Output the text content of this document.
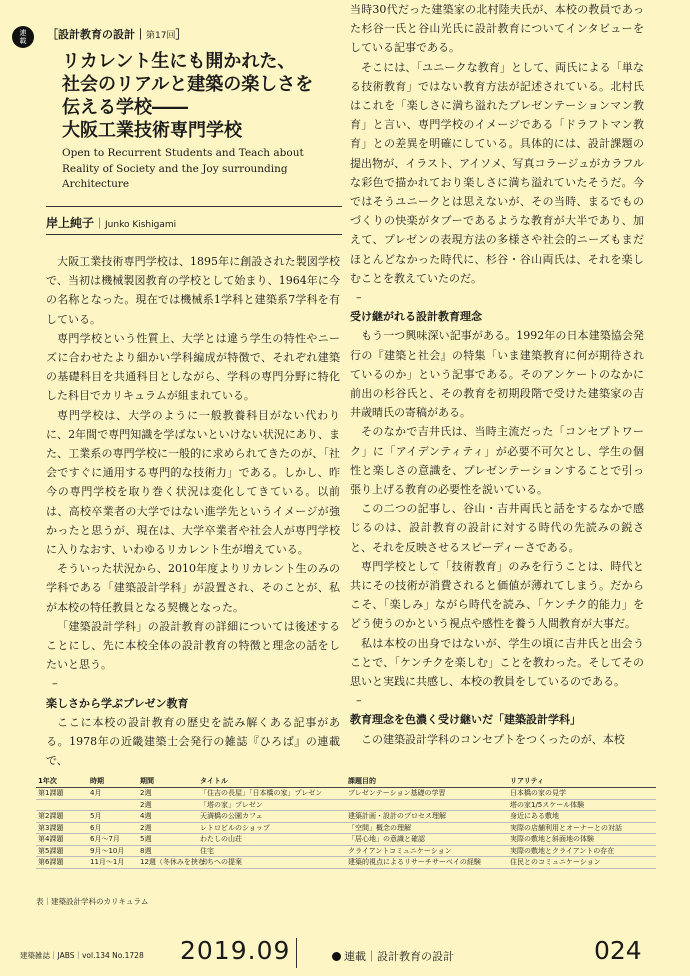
連
載 ［設計教育の設計｜第17回］

リカレント生にも開かれた、

社会のリアルと建築の楽しさを

伝える学校――

大阪工業技術専門学校

Open to Recurrent Students and Teach about Reality of Society and the Joy surrounding Architecture
岸上純子｜Junko Kishigami

大阪工業技術専門学校は、1895年に創設された製図学校で、当初は機械製図教育の学校として始まり、1964年に今の名称となった。現在では機械系1学科と建築系7学科を有している。

専門学校という性質上、大学とは違う学生の特性やニーズに合わせたより細かい学科編成が特徴で、それぞれ建築の基礎科目を共通科目としながら、学科の専門分野に特化した科目でカリキュラムが組まれている。

専門学校は、大学のように一般教養科目がない代わりに、2年間で専門知識を学ばないといけない状況にあり、また、工業系の専門学校に一般的に求められてきたのが、「社会ですぐに通用する専門的な技術力」である。しかし、昨今の専門学校を取り巻く状況は変化してきている。以前は、高校卒業者の大学ではない進学先というイメージが強かったと思うが、現在は、大学卒業者や社会人が専門学校に入りなおす、いわゆるリカレント生が増えている。

そういった状況から、2010年度よりリカレント生のみの学科である「建築設計学科」が設置され、そのことが、私が本校の特任教員となる契機となった。

「建築設計学科」の設計教育の詳細については後述することにし、先に本校全体の設計教育の特徴と理念の話をしたいと思う。

–

楽しさから学ぶプレゼン教育

ここに本校の設計教育の歴史を読み解くある記事がある。1978年の近畿建築士会発行の雑誌『ひろば』の連載で、

当時30代だった建築家の北村陸夫氏が、本校の教員であった杉谷一氏と谷山光氏に設計教育についてインタビューをしている記事である。

そこには、「ユニークな教育」として、両氏による「単なる技術教育」ではない教育方法が記述されている。北村氏はこれを「楽しさに満ち溢れたプレゼンテーションマン教育」と言い、専門学校のイメージである「ドラフトマン教育」との差異を明確にしている。具体的には、設計課題の提出物が、イラスト、アイソメ、写真コラージュがカラフルな彩色で描かれており楽しさに満ち溢れていたそうだ。今ではそうユニークとは思えないが、その当時、まるでものづくりの快楽がタブーであるような教育が大半であり、加えて、プレゼンの表現方法の多様さや社会的ニーズもまだほとんどなかった時代に、杉谷・谷山両氏は、それを楽しむことを教えていたのだ。

–

受け継がれる設計教育理念

もう一つ興味深い記事がある。1992年の日本建築協会発行の『建築と社会』の特集「いま建築教育に何が期待されているのか」という記事である。そのアンケートのなかに前出の杉谷氏と、その教育を初期段階で受けた建築家の吉井歳晴氏の寄稿がある。

そのなかで吉井氏は、当時主流だった「コンセプトワーク」に「アイデンティティ」が必要不可欠とし、学生の個性と楽しさの意識を、プレゼンテーションすることで引っ張り上げる教育の必要性を説いている。

この二つの記事し、谷山・吉井両氏と話をするなかで感じるのは、設計教育の設計に対する時代の先読みの鋭さと、それを反映させるスピーディーさである。

専門学校として「技術教育」のみを行うことは、時代と共にその技術が消費されると価値が薄れてしまう。だからこそ、「楽しみ」ながら時代を読み、「ケンチク的能力」をどう使うのかという視点や感性を養う人間教育が大事だ。

私は本校の出身ではないが、学生の頃に吉井氏と出会うことで、「ケンチクを楽しむ」ことを教わった。そしてその思いと実践に共感し、本校の教員をしているのである。

–

教育理念を色濃く受け継いだ「建築設計学科」

この建築設計学科のコンセプトをつくったのが、本校

1年次	時期	期間	タイトル	課題目的	リアリティ
第1課題	4月	2週	「住吉の長屋」「日本橋の家」プレゼン	プレゼンテーション基礎の学習	日本橋の家の見学
		2週	「塔の家」プレゼン		塔の家1/5スケール体験
第2課題	5月	4週	天満橋の公園カフェ	建築計画・設計のプロセス理解	身近にある敷地
第3課題	6月	2週	レトロビルのショップ	「空間」概念の理解	実際の店舗利用とオーナーとの対話
第4課題	6月〜7月	5週	わたしの山荘	「居心地」の意識と確認	実際の敷地と斜面地の体験
第5課題	9月〜10月	8週	住宅	クライアントコミュニケーション	実際の敷地とクライアントの存在
第6課題	11月〜1月	12週（冬休みを挟む）	まちへの提案	建築的視点によるリサーチサーベイの経験	住民とのコミュニケーション
表｜建築設計学科のカリキュラム
建築雑誌｜JABS｜vol.134 No.1728 2019.09	連載｜設計教育の設計	024
